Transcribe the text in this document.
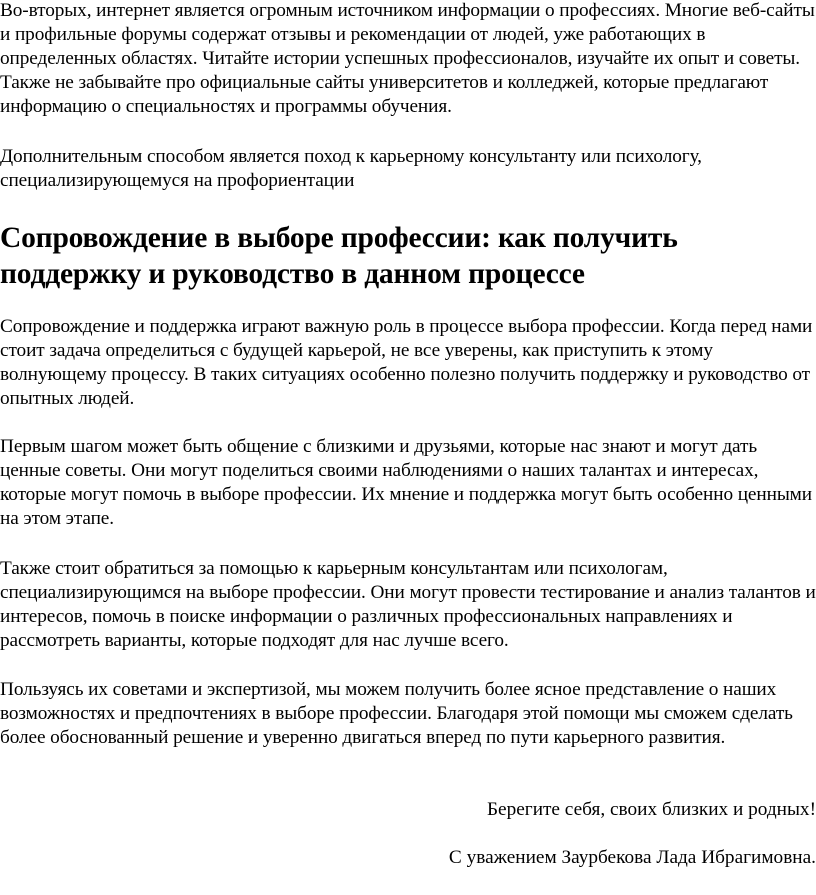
Во-вторых, интернет является огромным источником информации о профессиях. Многие веб-сайты и профильные форумы содержат отзывы и рекомендации от людей, уже работающих в определенных областях. Читайте истории успешных профессионалов, изучайте их опыт и советы. Также не забывайте про официальные сайты университетов и колледжей, которые предлагают информацию о специальностях и программы обучения.

Дополнительным способом является поход к карьерному консультанту или психологу, специализирующемуся на профориентации

Сопровождение в выборе профессии: как получить поддержку и руководство в данном процессе

Сопровождение и поддержка играют важную роль в процессе выбора профессии. Когда перед нами стоит задача определиться с будущей карьерой, не все уверены, как приступить к этому волнующему процессу. В таких ситуациях особенно полезно получить поддержку и руководство от опытных людей.

Первым шагом может быть общение с близкими и друзьями, которые нас знают и могут дать ценные советы. Они могут поделиться своими наблюдениями о наших талантах и интересах, которые могут помочь в выборе профессии. Их мнение и поддержка могут быть особенно ценными на этом этапе.

Также стоит обратиться за помощью к карьерным консультантам или психологам, специализирующимся на выборе профессии. Они могут провести тестирование и анализ талантов и интересов, помочь в поиске информации о различных профессиональных направлениях и рассмотреть варианты, которые подходят для нас лучше всего.

Пользуясь их советами и экспертизой, мы можем получить более ясное представление о наших возможностях и предпочтениях в выборе профессии. Благодаря этой помощи мы сможем сделать более обоснованный решение и уверенно двигаться вперед по пути карьерного развития.

Берегите себя, своих близких и родных!

С уважением Заурбекова Лада Ибрагимовна.
